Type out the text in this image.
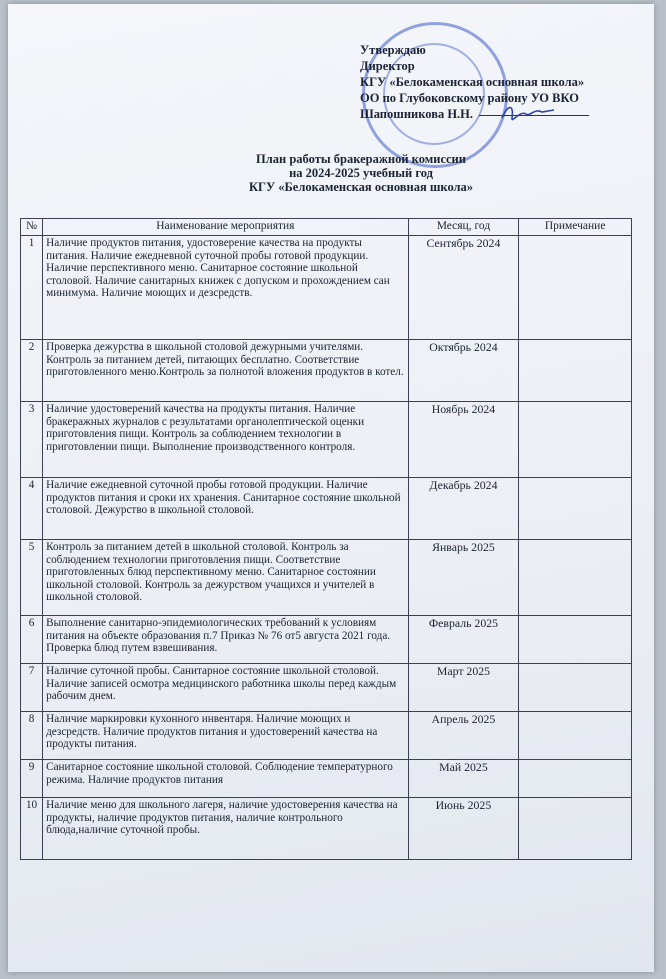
Утверждаю
Директор
КГУ «Белокаменская основная школа»
ОО по Глубоковскому району УО ВКО
Шапошникова Н.Н.
План работы бракеражной комиссии
на 2024-2025 учебный год
КГУ «Белокаменская основная школа»
№	Наименование мероприятия	Месяц, год	Примечание
1	Наличие продуктов питания, удостоверение качества на продукты питания. Наличие ежедневной суточной пробы готовой продукции. Наличие перспективного меню. Санитарное состояние школьной столовой. Наличие санитарных книжек с допуском и прохождением сан минимума. Наличие моющих и дезсредств.	Сентябрь 2024	
2	Проверка дежурства в школьной столовой дежурными учителями. Контроль за питанием детей, питающих бесплатно. Соответствие приготовленного меню.Контроль за полнотой вложения продуктов в котел.	Октябрь 2024	
3	Наличие удостоверений качества на продукты питания. Наличие бракеражных журналов с результатами органолептической оценки приготовления пищи. Контроль за соблюдением технологии в приготовлении пищи. Выполнение производственного контроля.	Ноябрь 2024	
4	Наличие ежедневной суточной пробы готовой продукции. Наличие продуктов питания и сроки их хранения. Санитарное состояние школьной столовой. Дежурство в школьной столовой.	Декабрь 2024	
5	Контроль за питанием детей в школьной столовой. Контроль за соблюдением технологии приготовления пищи. Соответствие приготовленных блюд перспективному меню. Санитарное состоянии школьной столовой. Контроль за дежурством учащихся и учителей в школьной столовой.	Январь 2025	
6	Выполнение санитарно-эпидемиологических требований к условиям питания на объекте образования п.7 Приказ № 76 от5 августа 2021 года. Проверка блюд путем взвешивания.	Февраль 2025	
7	Наличие суточной пробы. Санитарное состояние школьной столовой. Наличие записей осмотра медицинского работника школы перед каждым рабочим днем.	Март 2025	
8	Наличие маркировки кухонного инвентаря. Наличие моющих и дезсредств. Наличие продуктов питания и удостоверений качества на продукты питания.	Апрель 2025	
9	Санитарное состояние школьной столовой. Соблюдение температурного режима. Наличие продуктов питания	Май 2025	
10	Наличие меню для школьного лагеря, наличие удостоверения качества на продукты, наличие продуктов питания, наличие контрольного блюда,наличие суточной пробы.	Июнь 2025	
